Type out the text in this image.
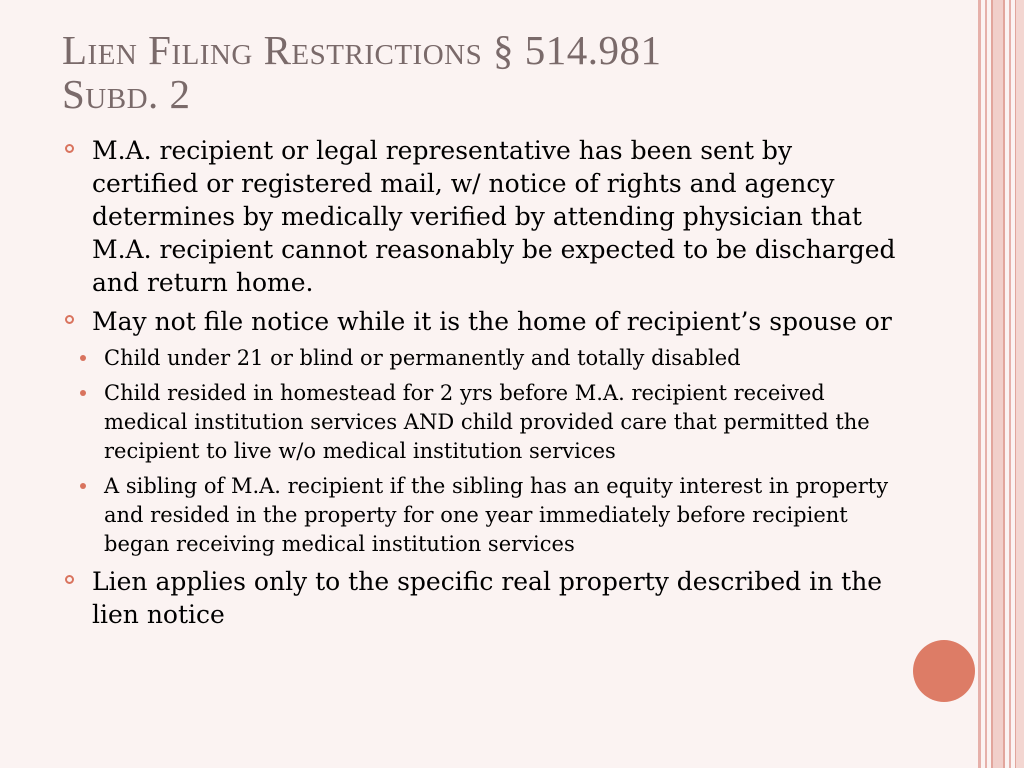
Lien Filing Restrictions § 514.981
Subd. 2
M.A. recipient or legal representative has been sent by certified or registered mail, w/ notice of rights and agency determines by medically verified by attending physician that M.A. recipient cannot reasonably be expected to be discharged and return home.
May not file notice while it is the home of recipient’s spouse or
Child under 21 or blind or permanently and totally disabled
Child resided in homestead for 2 yrs before M.A. recipient received medical institution services AND child provided care that permitted the recipient to live w/o medical institution services
A sibling of M.A. recipient if the sibling has an equity interest in property and resided in the property for one year immediately before recipient began receiving medical institution services
Lien applies only to the specific real property described in the lien notice
